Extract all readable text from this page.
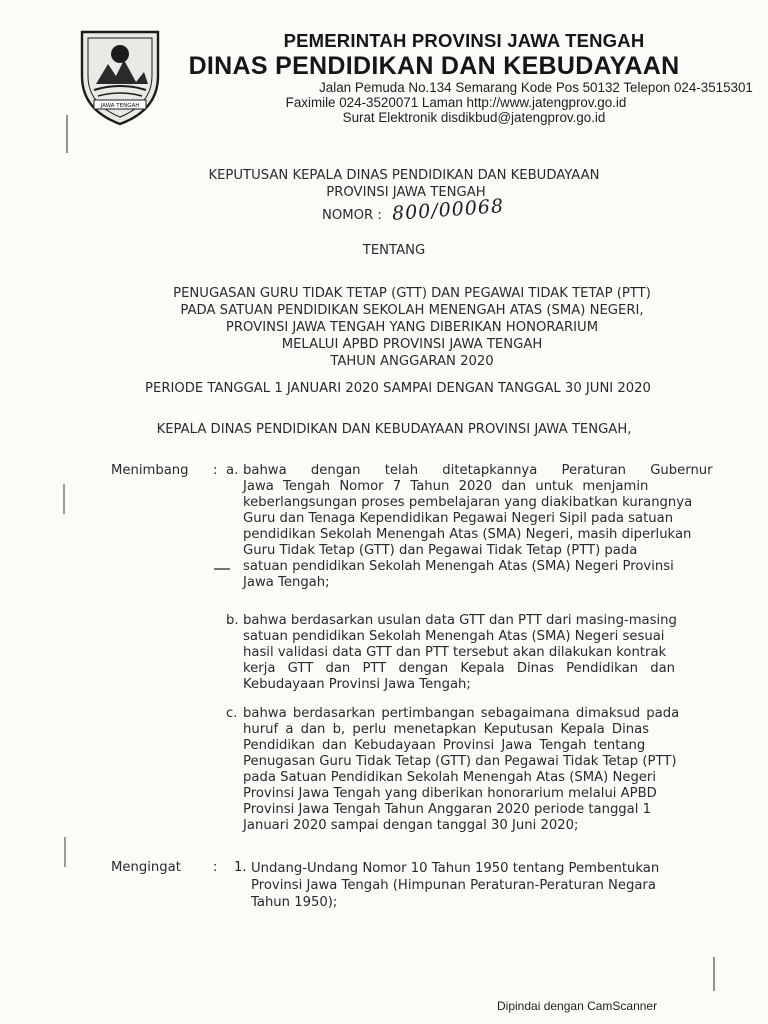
JAWA TENGAH
PEMERINTAH PROVINSI JAWA TENGAH
DINAS PENDIDIKAN DAN KEBUDAYAAN
Jalan Pemuda No.134 Semarang Kode Pos 50132 Telepon 024-3515301
Faximile 024-3520071 Laman http://www.jatengprov.go.id
Surat Elektronik disdikbud@jatengprov.go.id
KEPUTUSAN KEPALA DINAS PENDIDIKAN DAN KEBUDAYAAN
PROVINSI JAWA TENGAH
NOMOR : 800/00068
TENTANG
PENUGASAN GURU TIDAK TETAP (GTT) DAN PEGAWAI TIDAK TETAP (PTT)
PADA SATUAN PENDIDIKAN SEKOLAH MENENGAH ATAS (SMA) NEGERI,
PROVINSI JAWA TENGAH YANG DIBERIKAN HONORARIUM
MELALUI APBD PROVINSI JAWA TENGAH
TAHUN ANGGARAN 2020
PERIODE TANGGAL 1 JANUARI 2020 SAMPAI DENGAN TANGGAL 30 JUNI 2020
KEPALA DINAS PENDIDIKAN DAN KEBUDAYAAN PROVINSI JAWA TENGAH,
Menimbang : a. bahwa dengan telah ditetapkannya Peraturan Gubernur
Jawa Tengah Nomor 7 Tahun 2020 dan untuk menjamin
keberlangsungan proses pembelajaran yang diakibatkan kurangnya
Guru dan Tenaga Kependidikan Pegawai Negeri Sipil pada satuan
pendidikan Sekolah Menengah Atas (SMA) Negeri, masih diperlukan
Guru Tidak Tetap (GTT) dan Pegawai Tidak Tetap (PTT) pada
satuan pendidikan Sekolah Menengah Atas (SMA) Negeri Provinsi
Jawa Tengah;
b. bahwa berdasarkan usulan data GTT dan PTT dari masing-masing
satuan pendidikan Sekolah Menengah Atas (SMA) Negeri sesuai
hasil validasi data GTT dan PTT tersebut akan dilakukan kontrak
kerja GTT dan PTT dengan Kepala Dinas Pendidikan dan
Kebudayaan Provinsi Jawa Tengah;
c. bahwa berdasarkan pertimbangan sebagaimana dimaksud pada
huruf a dan b, perlu menetapkan Keputusan Kepala Dinas
Pendidikan dan Kebudayaan Provinsi Jawa Tengah tentang
Penugasan Guru Tidak Tetap (GTT) dan Pegawai Tidak Tetap (PTT)
pada Satuan Pendidikan Sekolah Menengah Atas (SMA) Negeri
Provinsi Jawa Tengah yang diberikan honorarium melalui APBD
Provinsi Jawa Tengah Tahun Anggaran 2020 periode tanggal 1
Januari 2020 sampai dengan tanggal 30 Juni 2020;
Mengingat : 1. Undang-Undang Nomor 10 Tahun 1950 tentang Pembentukan
Provinsi Jawa Tengah (Himpunan Peraturan-Peraturan Negara
Tahun 1950);
Dipindai dengan CamScanner
